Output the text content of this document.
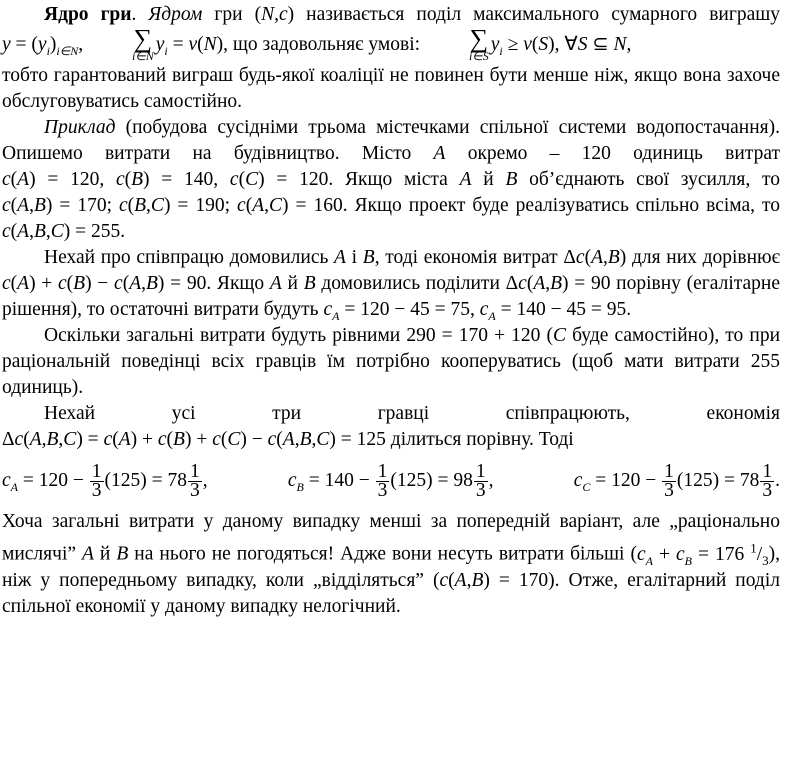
Ядро гри. Ядром гри (N,c) називається поділ максимального сумарного виграшу $y = (y_i)_{i\in N}$,	∑
i∈N
$y_i = v(N)$, що задовольняє умові:	∑
i∈S
$y_i \ge v(S)$, ∀S ⊆ N,

тобто гарантований виграш будь-якої коаліції не повинен бути менше ніж, якщо вона захоче обслуговуватись самостійно.

Приклад (побудова сусідніми трьома містечками спільної системи водопостачання). Опишемо витрати на будівництво. Місто A окремо – 120 одиниць витрат c(A) = 120, c(B) = 140, c(C) = 120. Якщо міста A й B об’єднають свої зусилля, то c(A,B) = 170; c(B,C) = 190; c(A,C) = 160. Якщо проект буде реалізуватись спільно всіма, то c(A,B,C) = 255.

Нехай про співпрацю домовились A і B, тоді економія витрат Δc(A,B) для них дорівнює c(A) + c(B) − c(A,B) = 90. Якщо A й B домовились поділити Δc(A,B) = 90 порівну (егалітарне рішення), то остаточні витрати будуть $c_A = 120 - 45 = 75$, $c_A = 140 - 45 = 95$.

Оскільки загальні витрати будуть рівними 290 = 170 + 120 (C буде самостійно), то при раціональній поведінці всіх гравців їм потрібно кооперуватись (щоб мати витрати 255 одиниць).

Нехай	усі	три	гравці	співпрацюють,	економія

Δc(A,B,C) = c(A) + c(B) + c(C) − c(A,B,C) = 125 ділиться порівну. Тоді

$c_A = 120 - \frac{1}{3} (125) = 78 \frac{1}{3}$ ,	$c_B = 140 - \frac{1}{3} (125) = 98 \frac{1}{3}$ ,	$c_C = 120 - \frac{1}{3} (125) = 78 \frac{1}{3}$ .

Хоча загальні витрати у даному випадку менші за попередній варіант, але „раціонально мислячі” A й B на нього не погодяться! Адже вони несуть витрати більші ($c_A + c_B = 176$ $^1/_3$), ніж у попередньому випадку, коли „відділяться” (c(A,B) = 170). Отже, егалітарний поділ спільної економії у даному випадку нелогічний.
